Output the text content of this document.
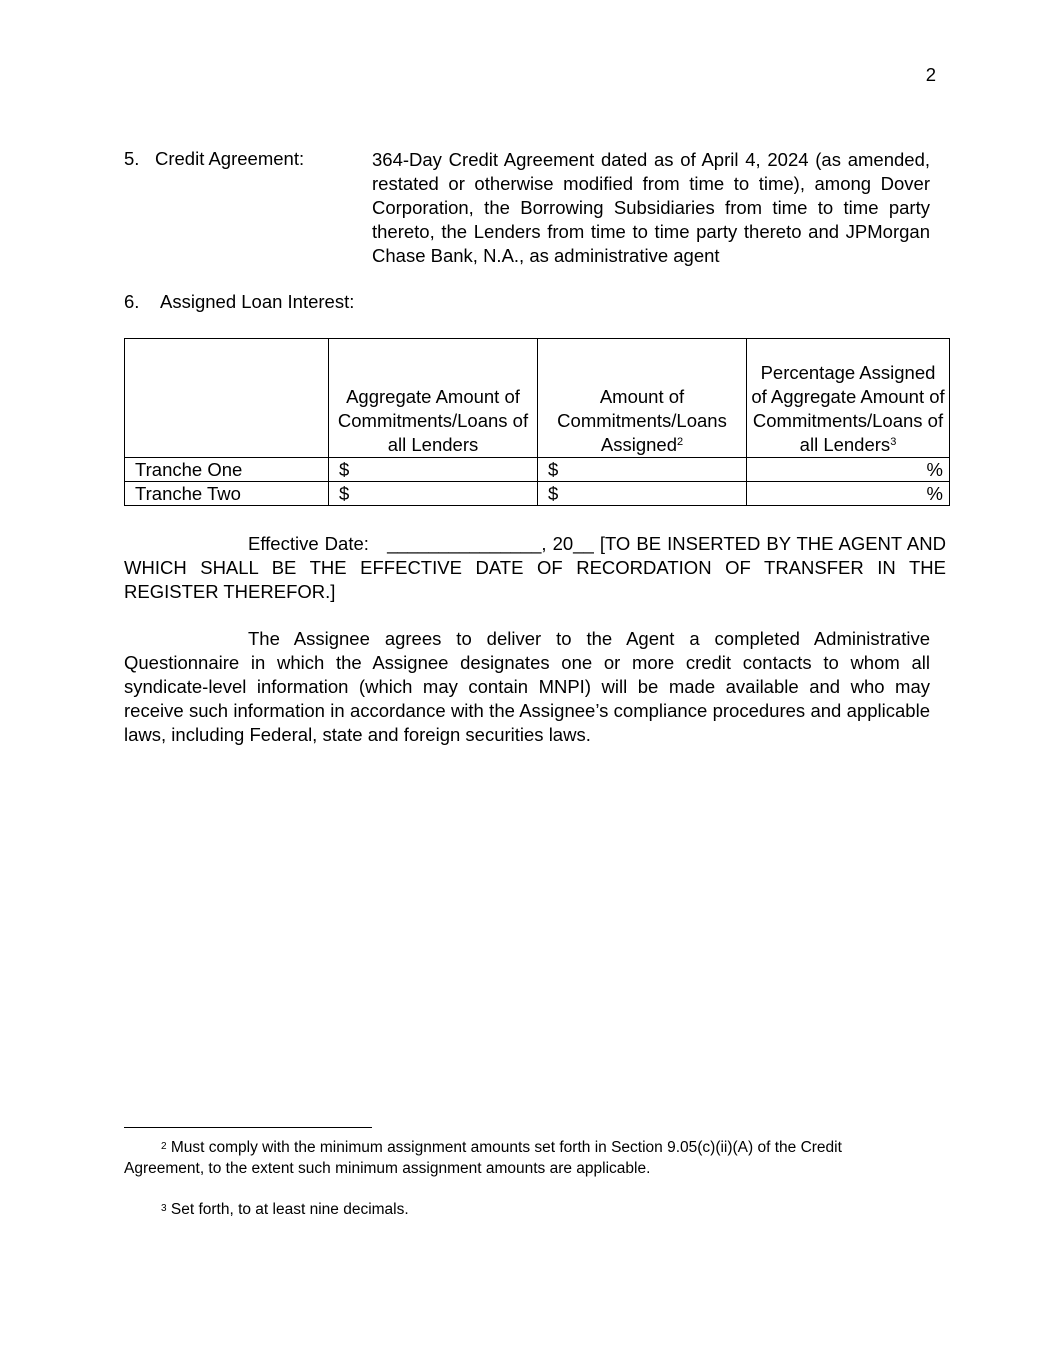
2
5. Credit Agreement:	364-Day Credit Agreement dated as of April 4, 2024 (as amended, restated or otherwise modified from time to time), among Dover Corporation, the Borrowing Subsidiaries from time to time party thereto, the Lenders from time to time party thereto and JPMorgan Chase Bank, N.A., as administrative agent
6. Assigned Loan Interest:
	Aggregate Amount of Commitments/Loans of all Lenders	Amount of Commitments/Loans Assigned$^2$	Percentage Assigned of Aggregate Amount of Commitments/Loans of all Lenders$^3$
Tranche One	$	$	%
Tranche Two	$	$	%
Effective Date: _______________, 20__ [TO BE INSERTED BY THE AGENT AND WHICH SHALL BE THE EFFECTIVE DATE OF RECORDATION OF TRANSFER IN THE REGISTER THEREFOR.]
The Assignee agrees to deliver to the Agent a completed Administrative Questionnaire in which the Assignee designates one or more credit contacts to whom all syndicate-level information (which may contain MNPI) will be made available and who may receive such information in accordance with the Assignee’s compliance procedures and applicable laws, including Federal, state and foreign securities laws.
$^2$ Must comply with the minimum assignment amounts set forth in Section 9.05(c)(ii)(A) of the Credit Agreement, to the extent such minimum assignment amounts are applicable.
$^3$ Set forth, to at least nine decimals.
